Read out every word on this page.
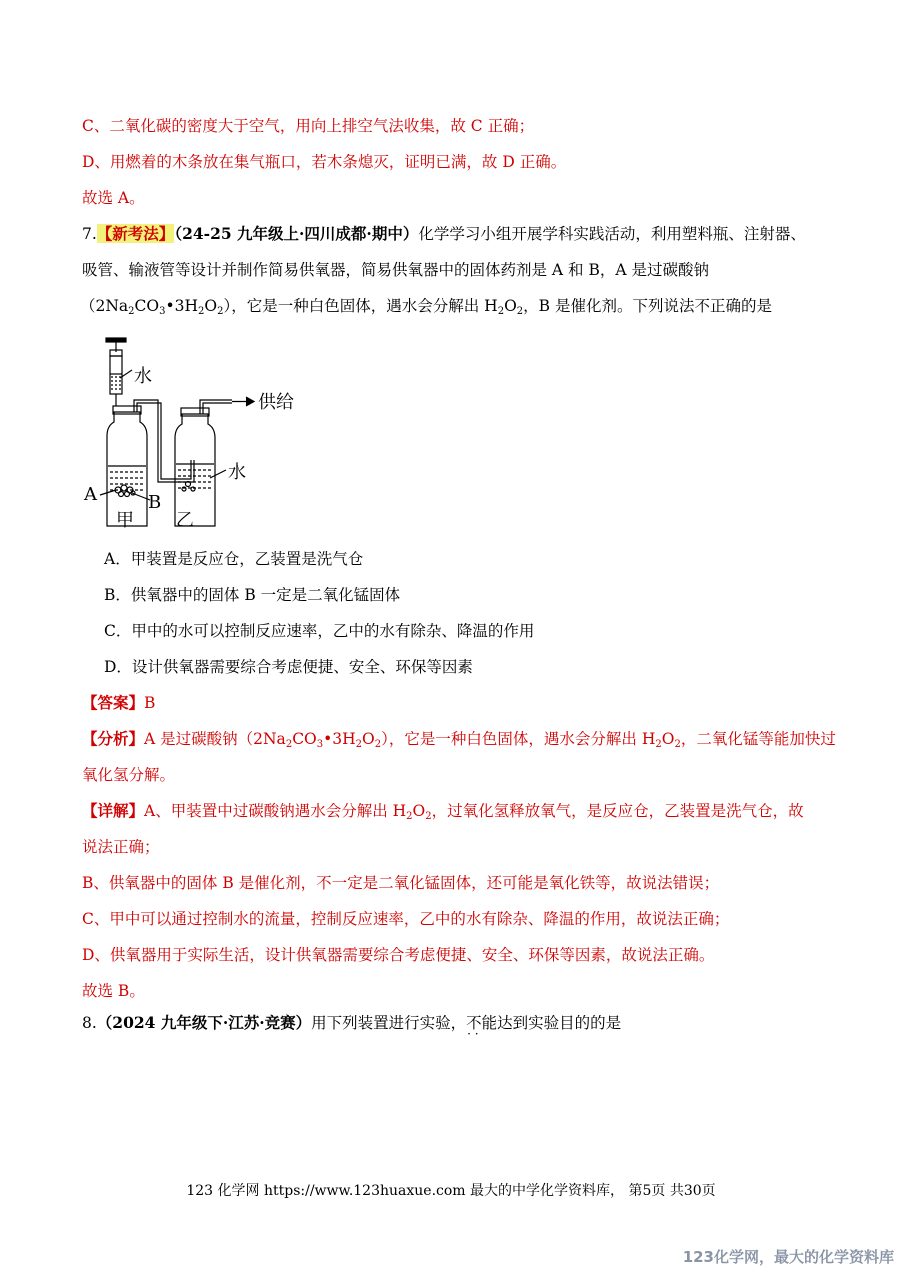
C、二氧化碳的密度大于空气，用向上排空气法收集，故 C 正确；
D、用燃着的木条放在集气瓶口，若木条熄灭，证明已满，故 D 正确。
故选 A。
7.【新考法】（24-25 九年级上·四川成都·期中）化学学习小组开展学科实践活动，利用塑料瓶、注射器、
吸管、输液管等设计并制作简易供氧器，简易供氧器中的固体药剂是 A 和 B，A 是过碳酸钠
$(2Na_2CO_3•3H_2O_2)$，它是一种白色固体，遇水会分解出 $H_2O_2$，B 是催化剂。下列说法不正确的是
水
供给
水
A	B
甲 乙
A．甲装置是反应仓，乙装置是洗气仓
B．供氧器中的固体 B 一定是二氧化锰固体
C．甲中的水可以控制反应速率，乙中的水有除杂、降温的作用
D．设计供氧器需要综合考虑便捷、安全、环保等因素
【答案】B
【分析】A 是过碳酸钠$(2Na_2CO_3•3H_2O_2)$，它是一种白色固体，遇水会分解出 $H_2O_2$，二氧化锰等能加快过
氧化氢分解。
【详解】A、甲装置中过碳酸钠遇水会分解出 $H_2O_2$，过氧化氢释放氧气，是反应仓，乙装置是洗气仓，故
说法正确；
B、供氧器中的固体 B 是催化剂，不一定是二氧化锰固体，还可能是氧化铁等，故说法错误；
C、甲中可以通过控制水的流量，控制反应速率，乙中的水有除杂、降温的作用，故说法正确；
D、供氧器用于实际生活，设计供氧器需要综合考虑便捷、安全、环保等因素，故说法正确。
故选 B。
8.（2024 九年级下·江苏·竞赛）用下列装置进行实验，不能 · ·达到实验目的的是
123 化学网 https://www.123huaxue.com 最大的中学化学资料库， 第5页 共30页
123化学网，最大的化学资料库
